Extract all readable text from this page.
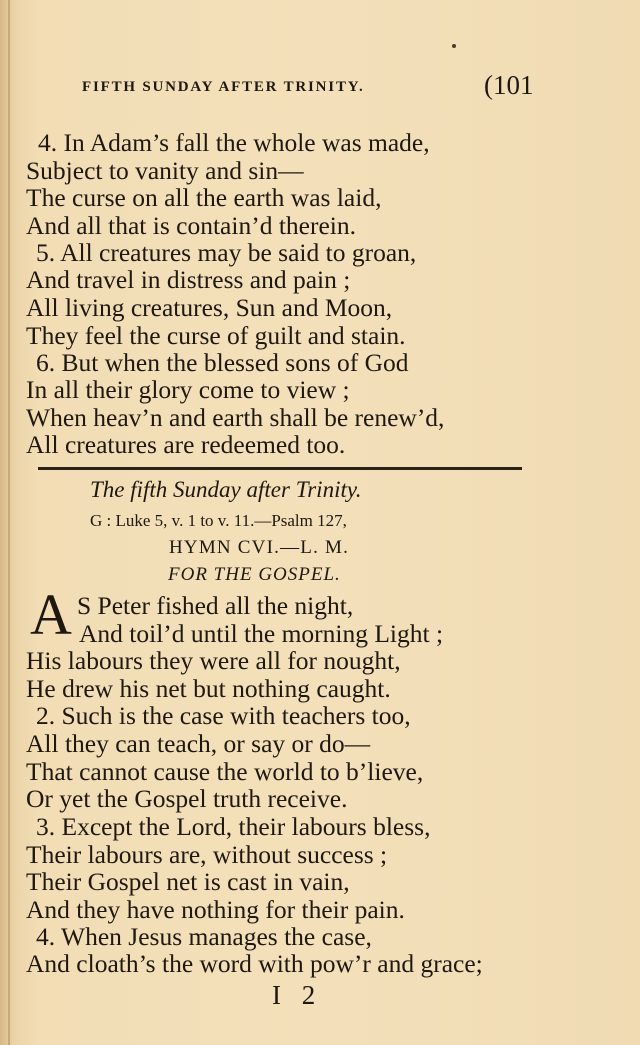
FIFTH SUNDAY AFTER TRINITY.	(101
4. In Adam’s fall the whole was made,
Subject to vanity and sin—
The curse on all the earth was laid,
And all that is contain’d therein.
5. All creatures may be said to groan,
And travel in distress and pain ;
All living creatures, Sun and Moon,
They feel the curse of guilt and stain.
6. But when the blessed sons of God
In all their glory come to view ;
When heav’n and earth shall be renew’d,
All creatures are redeemed too.
The fifth Sunday after Trinity.
G : Luke 5, v. 1 to v. 11.—Psalm 127,
HYMN CVI.—L. M.
FOR THE GOSPEL.
A S Peter fished all the night,
And toil’d until the morning Light ;
His labours they were all for nought,
He drew his net but nothing caught.
2. Such is the case with teachers too,
All they can teach, or say or do—
That cannot cause the world to b’lieve,
Or yet the Gospel truth receive.
3. Except the Lord, their labours bless,
Their labours are, without success ;
Their Gospel net is cast in vain,
And they have nothing for their pain.
4. When Jesus manages the case,
And cloath’s the word with pow’r and grace;
I 2
